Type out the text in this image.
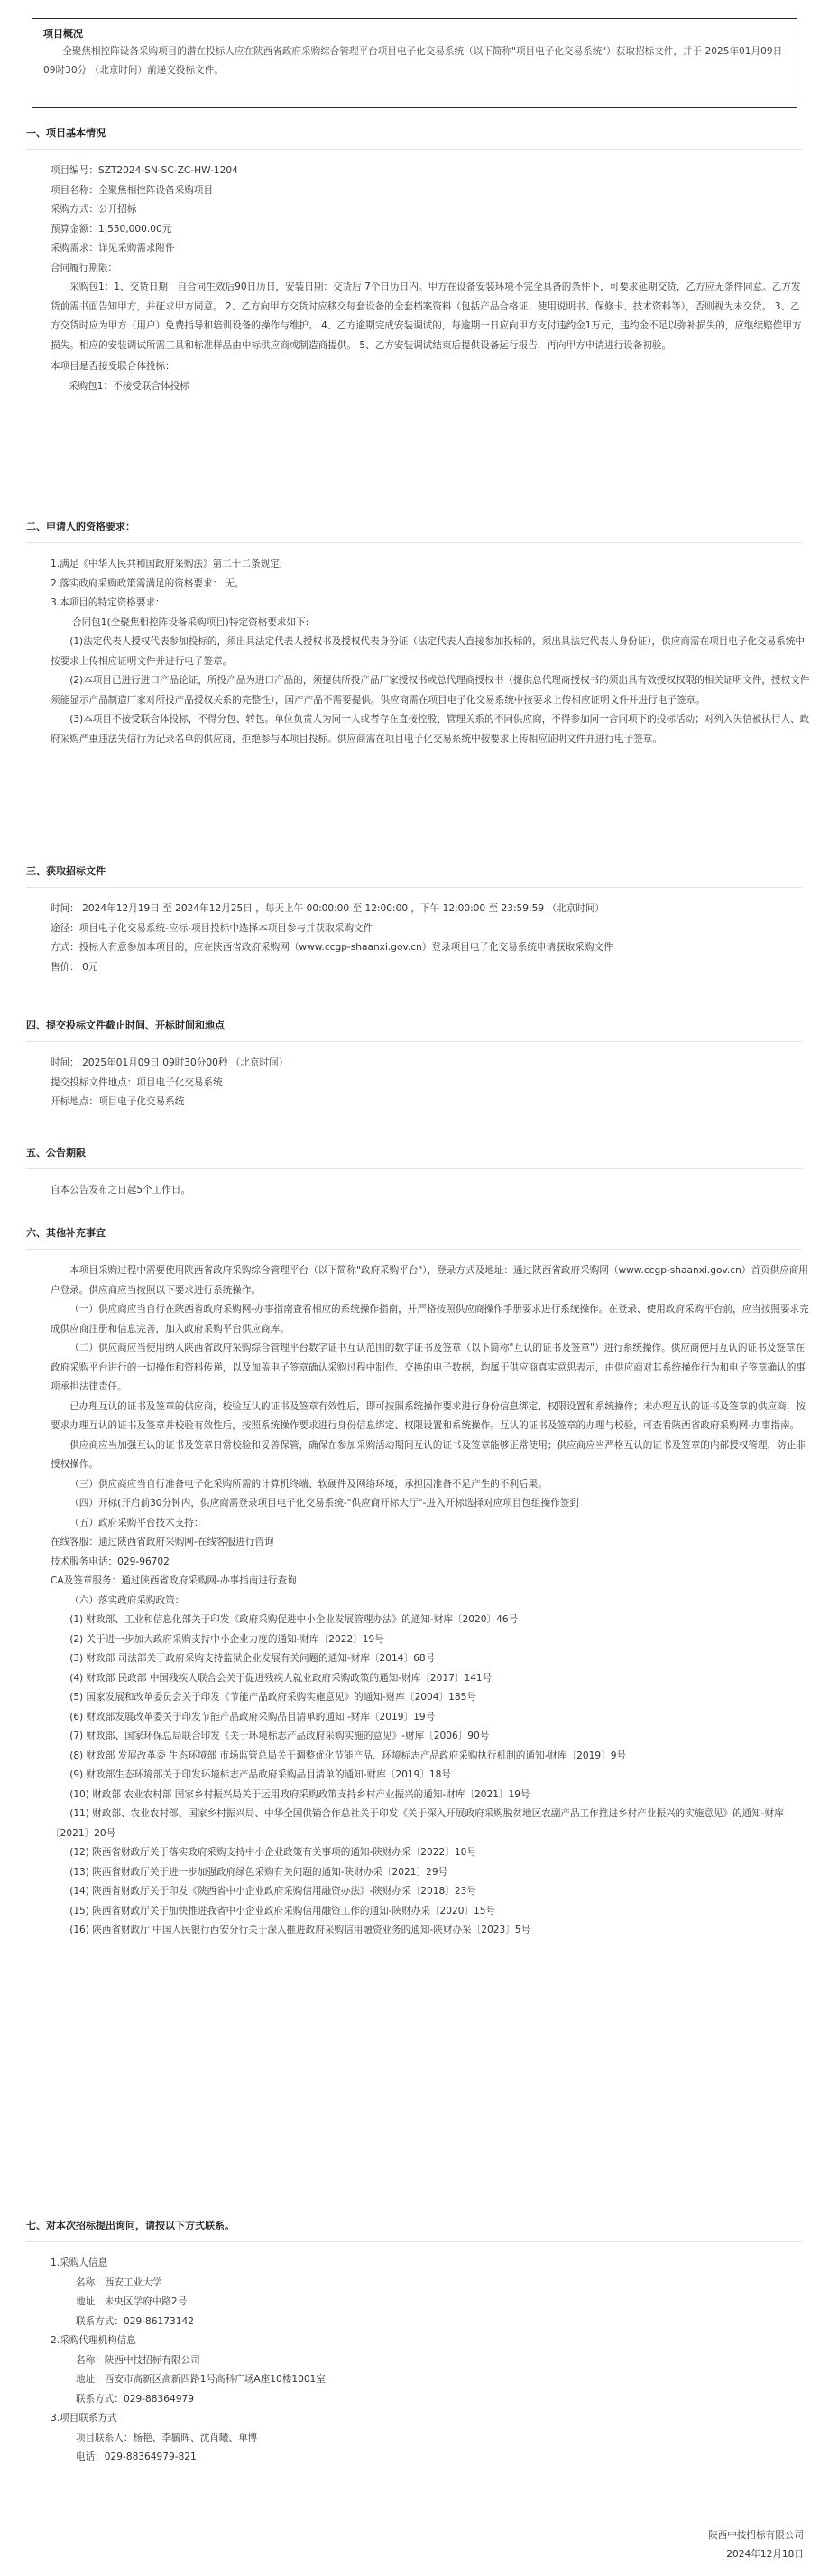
项目概况
全聚焦相控阵设备采购项目的潜在投标人应在陕西省政府采购综合管理平台项目电子化交易系统（以下简称"项目电子化交易系统"）获取招标文件，并于 2025年01月09日 09时30分 （北京时间）前递交投标文件。
一、项目基本情况

项目编号：SZT2024-SN-SC-ZC-HW-1204

项目名称：全聚焦相控阵设备采购项目

采购方式：公开招标

预算金额：1,550,000.00元

采购需求：详见采购需求附件

合同履行期限：

采购包1：1、交货日期：自合同生效后90日历日，安装日期：交货后 7个日历日内。甲方在设备安装环境不完全具备的条件下，可要求延期交货，乙方应无条件同意。乙方发货前需书面告知甲方，并征求甲方同意。 2、乙方向甲方交货时应移交每套设备的全套档案资料（包括产品合格证、使用说明书、保修卡、技术资料等），否则视为未交货。 3、乙方交货时应为甲方（用户）免费指导和培训设备的操作与维护。 4、乙方逾期完成安装调试的，每逾期一日应向甲方支付违约金1万元，违约金不足以弥补损失的，应继续赔偿甲方损失。相应的安装调试所需工具和标准样品由中标供应商或制造商提供。 5、乙方安装调试结束后提供设备运行报告，再向甲方申请进行设备初验。

本项目是否接受联合体投标：

采购包1：不接受联合体投标

二、申请人的资格要求：

1.满足《中华人民共和国政府采购法》第二十二条规定;

2.落实政府采购政策需满足的资格要求： 无。

3.本项目的特定资格要求：

合同包1(全聚焦相控阵设备采购项目)特定资格要求如下:

(1)法定代表人授权代表参加投标的，须出具法定代表人授权书及授权代表身份证（法定代表人直接参加投标的，须出具法定代表人身份证），供应商需在项目电子化交易系统中按要求上传相应证明文件并进行电子签章。

(2)本项目已进行进口产品论证，所投产品为进口产品的，须提供所投产品厂家授权书或总代理商授权书（提供总代理商授权书的须出具有效授权权限的相关证明文件，授权文件须能显示产品制造厂家对所投产品授权关系的完整性），国产产品不需要提供。供应商需在项目电子化交易系统中按要求上传相应证明文件并进行电子签章。

(3)本项目不接受联合体投标，不得分包、转包。单位负责人为同一人或者存在直接控股、管理关系的不同供应商，不得参加同一合同项下的投标活动；对列入失信被执行人、政府采购严重违法失信行为记录名单的供应商，拒绝参与本项目投标。供应商需在项目电子化交易系统中按要求上传相应证明文件并进行电子签章。

三、获取招标文件

时间： 2024年12月19日 至 2024年12月25日 ，每天上午 00:00:00 至 12:00:00 ，下午 12:00:00 至 23:59:59 （北京时间）

途径：项目电子化交易系统-应标-项目投标中选择本项目参与并获取采购文件

方式：投标人有意参加本项目的，应在陕西省政府采购网（www.ccgp-shaanxi.gov.cn）登录项目电子化交易系统申请获取采购文件

售价： 0元

四、提交投标文件截止时间、开标时间和地点

时间： 2025年01月09日 09时30分00秒 （北京时间）

提交投标文件地点：项目电子化交易系统

开标地点：项目电子化交易系统

五、公告期限

自本公告发布之日起5个工作日。

六、其他补充事宜

本项目采购过程中需要使用陕西省政府采购综合管理平台（以下简称"政府采购平台"），登录方式及地址：通过陕西省政府采购网（www.ccgp-shaanxi.gov.cn）首页供应商用户登录。供应商应当按照以下要求进行系统操作。

（一）供应商应当自行在陕西省政府采购网-办事指南查看相应的系统操作指南，并严格按照供应商操作手册要求进行系统操作。在登录、使用政府采购平台前，应当按照要求完成供应商注册和信息完善，加入政府采购平台供应商库。

（二）供应商应当使用纳入陕西省政府采购综合管理平台数字证书互认范围的数字证书及签章（以下简称"互认的证书及签章"）进行系统操作。供应商使用互认的证书及签章在政府采购平台进行的一切操作和资料传递，以及加盖电子签章确认采购过程中制作、交换的电子数据，均属于供应商真实意思表示，由供应商对其系统操作行为和电子签章确认的事项承担法律责任。

已办理互认的证书及签章的供应商，校验互认的证书及签章有效性后，即可按照系统操作要求进行身份信息绑定、权限设置和系统操作；未办理互认的证书及签章的供应商，按要求办理互认的证书及签章并校验有效性后，按照系统操作要求进行身份信息绑定、权限设置和系统操作。互认的证书及签章的办理与校验，可查看陕西省政府采购网-办事指南。

供应商应当加强互认的证书及签章日常校验和妥善保管，确保在参加采购活动期间互认的证书及签章能够正常使用；供应商应当严格互认的证书及签章的内部授权管理，防止非授权操作。

（三）供应商应当自行准备电子化采购所需的计算机终端、软硬件及网络环境，承担因准备不足产生的不利后果。

（四）开标(开启前30分钟内，供应商需登录项目电子化交易系统-"供应商开标大厅"-进入开标选择对应项目包组操作签到

（五）政府采购平台技术支持：

在线客服：通过陕西省政府采购网-在线客服进行咨询

技术服务电话：029-96702

CA及签章服务：通过陕西省政府采购网-办事指南进行查询

（六）落实政府采购政策：

(1) 财政部、工业和信息化部关于印发《政府采购促进中小企业发展管理办法》的通知-财库〔2020〕46号

(2) 关于进一步加大政府采购支持中小企业力度的通知-财库〔2022〕19号

(3) 财政部 司法部关于政府采购支持监狱企业发展有关问题的通知-财库〔2014〕68号

(4) 财政部 民政部 中国残疾人联合会关于促进残疾人就业政府采购政策的通知-财库〔2017〕141号

(5) 国家发展和改革委员会关于印发《节能产品政府采购实施意见》的通知-财库〔2004〕185号

(6) 财政部发展改革委关于印发节能产品政府采购品目清单的通知 -财库〔2019〕19号

(7) 财政部、国家环保总局联合印发《关于环境标志产品政府采购实施的意见》-财库〔2006〕90号

(8) 财政部 发展改革委 生态环境部 市场监管总局关于调整优化节能产品、环境标志产品政府采购执行机制的通知-财库〔2019〕9号

(9) 财政部生态环境部关于印发环境标志产品政府采购品目清单的通知-财库〔2019〕18号

(10) 财政部 农业农村部 国家乡村振兴局关于运用政府采购政策支持乡村产业振兴的通知-财库〔2021〕19号

(11) 财政部、农业农村部、国家乡村振兴局、中华全国供销合作总社关于印发《关于深入开展政府采购脱贫地区农副产品工作推进乡村产业振兴的实施意见》的通知-财库〔2021〕20号

(12) 陕西省财政厅关于落实政府采购支持中小企业政策有关事项的通知-陕财办采〔2022〕10号

(13) 陕西省财政厅关于进一步加强政府绿色采购有关问题的通知-陕财办采〔2021〕29号

(14) 陕西省财政厅关于印发《陕西省中小企业政府采购信用融资办法》-陕财办采〔2018〕23号

(15) 陕西省财政厅关于加快推进我省中小企业政府采购信用融资工作的通知-陕财办采〔2020〕15号

(16) 陕西省财政厅 中国人民银行西安分行关于深入推进政府采购信用融资业务的通知-陕财办采〔2023〕5号

七、对本次招标提出询问，请按以下方式联系。

1.采购人信息

名称：西安工业大学

地址：未央区学府中路2号

联系方式：029-86173142

2.采购代理机构信息

名称：陕西中技招标有限公司

地址：西安市高新区高新四路1号高科广场A座10楼1001室

联系方式：029-88364979

3.项目联系方式

项目联系人：杨艳、李毓晖、沈肖曦、单博

电话：029-88364979-821

陕西中技招标有限公司
2024年12月18日
